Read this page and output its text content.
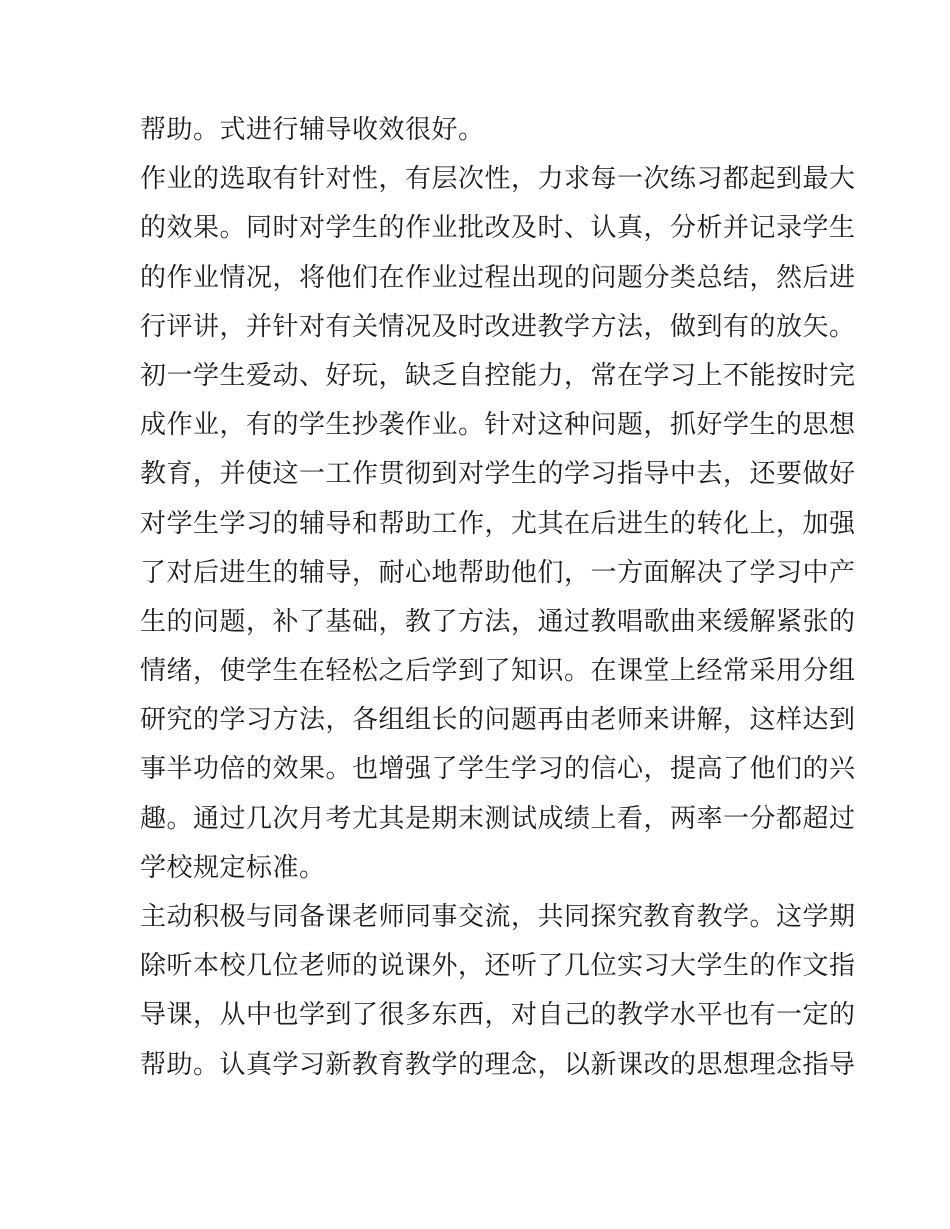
帮助。式进行辅导收效很好。
作业的选取有针对性，有层次性，力求每一次练习都起到最大
的效果。同时对学生的作业批改及时、认真，分析并记录学生
的作业情况，将他们在作业过程出现的问题分类总结，然后进
行评讲，并针对有关情况及时改进教学方法，做到有的放矢。
初一学生爱动、好玩，缺乏自控能力，常在学习上不能按时完
成作业，有的学生抄袭作业。针对这种问题，抓好学生的思想
教育，并使这一工作贯彻到对学生的学习指导中去，还要做好
对学生学习的辅导和帮助工作，尤其在后进生的转化上，加强
了对后进生的辅导，耐心地帮助他们，一方面解决了学习中产
生的问题，补了基础，教了方法，通过教唱歌曲来缓解紧张的
情绪，使学生在轻松之后学到了知识。在课堂上经常采用分组
研究的学习方法，各组组长的问题再由老师来讲解，这样达到
事半功倍的效果。也增强了学生学习的信心，提高了他们的兴
趣。通过几次月考尤其是期末测试成绩上看，两率一分都超过
学校规定标准。
主动积极与同备课老师同事交流，共同探究教育教学。这学期
除听本校几位老师的说课外，还听了几位实习大学生的作文指
导课，从中也学到了很多东西，对自己的教学水平也有一定的
帮助。认真学习新教育教学的理念，以新课改的思想理念指导
